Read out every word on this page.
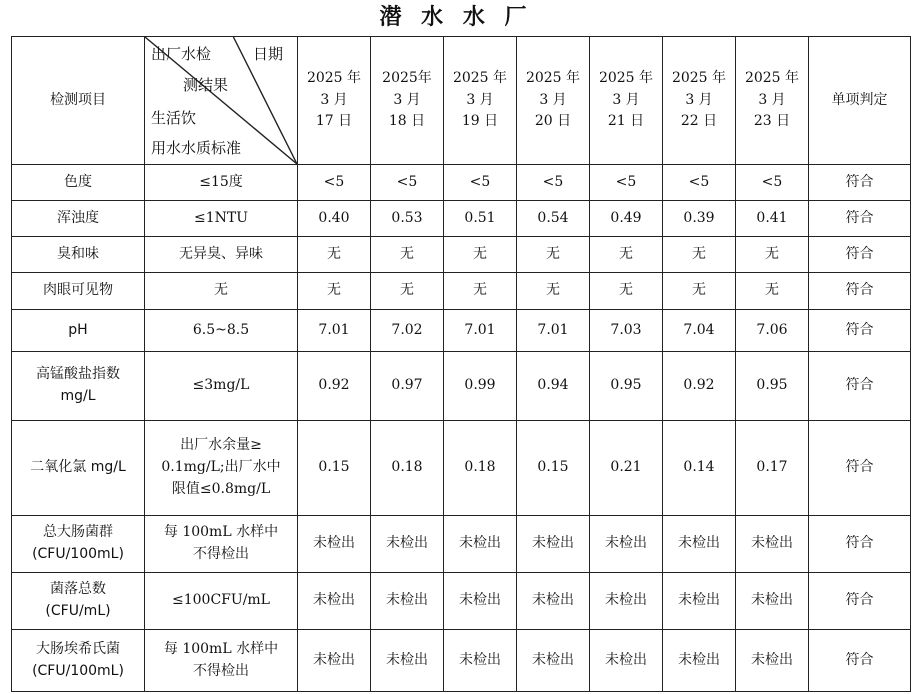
潜 水 水 厂
检测项目	出厂水检 日期
测结果
生活饮
用水水质标准	2025 年
3 月
17 日	2025年
3 月
18 日	2025 年
3 月
19 日	2025 年
3 月
20 日	2025 年
3 月
21 日	2025 年
3 月
22 日	2025 年
3 月
23 日	单项判定

色度	≤15度	<5	<5	<5	<5	<5	<5	<5	符合

浑浊度	≤1NTU	0.40	0.53	0.51	0.54	0.49	0.39	0.41	符合

臭和味	无异臭、异味	无	无	无	无	无	无	无	符合

肉眼可见物	无	无	无	无	无	无	无	无	符合

pH	6.5~8.5	7.01	7.02	7.01	7.01	7.03	7.04	7.06	符合

高锰酸盐指数
mg/L	≤3mg/L	0.92	0.97	0.99	0.94	0.95	0.92	0.95	符合

二氧化氯 mg/L	出厂水余量≥
0.1mg/L;出厂水中
限值≤0.8mg/L	0.15	0.18	0.18	0.15	0.21	0.14	0.17	符合

总大肠菌群
(CFU/100mL)	每 100mL 水样中
不得检出	未检出	未检出	未检出	未检出	未检出	未检出	未检出	符合

菌落总数
(CFU/mL)	≤100CFU/mL	未检出	未检出	未检出	未检出	未检出	未检出	未检出	符合

大肠埃希氏菌
(CFU/100mL)	每 100mL 水样中
不得检出	未检出	未检出	未检出	未检出	未检出	未检出	未检出	符合
